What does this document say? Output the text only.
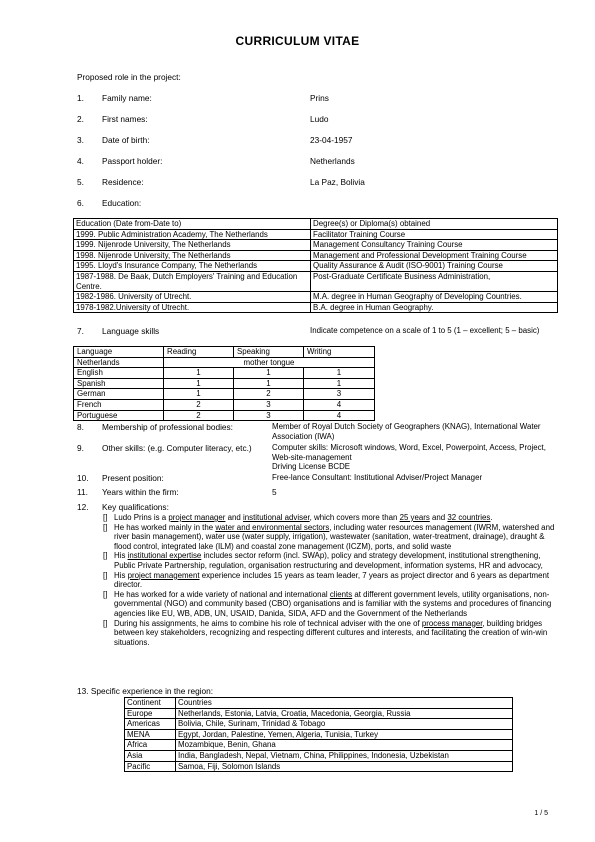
CURRICULUM VITAE
Proposed role in the project:
1. Family name:	Prins
2. First names:	Ludo
3. Date of birth:	23-04-1957
4. Passport holder:	Netherlands
5. Residence:	La Paz, Bolivia
6. Education:
Education (Date from-Date to)	Degree(s) or Diploma(s) obtained
1999. Public Administration Academy, The Netherlands	Facilitator Training Course
1999. Nijenrode University, The Netherlands	Management Consultancy Training Course
1998. Nijenrode University, The Netherlands	Management and Professional Development Training Course
1995. Lloyd's Insurance Company, The Netherlands	Quality Assurance & Audit (ISO-9001) Training Course
1987-1988. De Baak, Dutch Employers' Training and Education Centre.	Post-Graduate Certificate Business Administration,
1982-1986. University of Utrecht.	M.A. degree in Human Geography of Developing Countries.
1978-1982.University of Utrecht.	B.A. degree in Human Geography.
7. Language skills	Indicate competence on a scale of 1 to 5 (1 – excellent; 5 – basic)
Language	Reading	Speaking	Writing
Netherlands	mother tongue		
English	1	1	1
Spanish	1	1	1
German	1	2	3
French	2	3	4
Portuguese	2	3	4
8. Membership of professional bodies:	Member of Royal Dutch Society of Geographers (KNAG), International Water Association (IWA)
9. Other skills: (e.g. Computer literacy, etc.)	Computer skills: Microsoft windows, Word, Excel, Powerpoint, Access, Project, Web-site-management
Driving License BCDE
10. Present position:	Free-lance Consultant: Institutional Adviser/Project Manager
11. Years within the firm:	5
12. Key qualifications:

[] Ludo Prins is a project manager and institutional adviser, which covers more than 25 years and 32 countries.

[] He has worked mainly in the water and environmental sectors, including water resources management (IWRM, watershed and river basin management), water use (water supply, irrigation), wastewater (sanitation, water-treatment, drainage), draught & flood control, integrated lake (ILM) and coastal zone management (ICZM), ports, and solid waste

[] His institutional expertise includes sector reform (incl. SWAp), policy and strategy development, institutional strengthening, Public Private Partnership, regulation, organisation restructuring and development, information systems, HR and advocacy,

[] His project management experience includes 15 years as team leader, 7 years as project director and 6 years as department director.

[] He has worked for a wide variety of national and international clients at different government levels, utility organisations, non-governmental (NGO) and community based (CBO) organisations and is familiar with the systems and procedures of financing agencies like EU, WB, ADB, UN, USAID, Danida, SIDA, AFD and the Government of the Netherlands

[] During his assignments, he aims to combine his role of technical adviser with the one of process manager, building bridges between key stakeholders, recognizing and respecting different cultures and interests, and facilitating the creation of win-win situations.

13. Specific experience in the region:
Continent	Countries
Europe	Netherlands, Estonia, Latvia, Croatia, Macedonia, Georgia, Russia
Americas	Bolivia, Chile, Surinam, Trinidad & Tobago
MENA	Egypt, Jordan, Palestine, Yemen, Algeria, Tunisia, Turkey
Africa	Mozambique, Benin, Ghana
Asia	India, Bangladesh, Nepal, Vietnam, China, Philippines, Indonesia, Uzbekistan
Pacific	Samoa, Fiji, Solomon Islands
1 / 5
